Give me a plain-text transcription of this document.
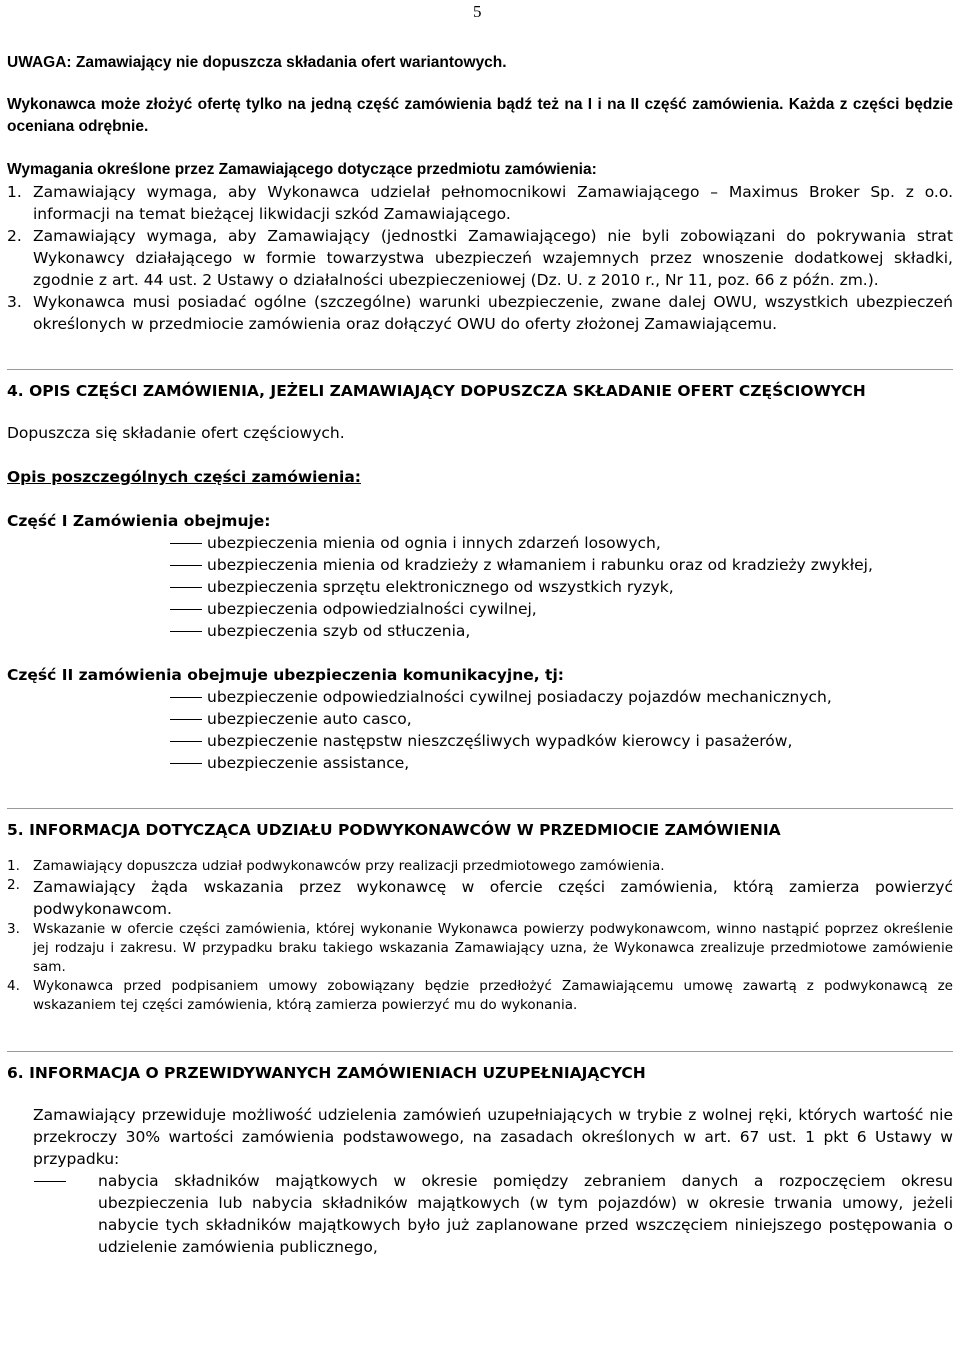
5

UWAGA: Zamawiający nie dopuszcza składania ofert wariantowych.

Wykonawca może złożyć ofertę tylko na jedną część zamówienia bądź też na I i na II część zamówienia. Każda z części będzie oceniana odrębnie.

Wymagania określone przez Zamawiającego dotyczące przedmiotu zamówienia:

1. Zamawiający wymaga, aby Wykonawca udzielał pełnomocnikowi Zamawiającego – Maximus Broker Sp. z o.o. informacji na temat bieżącej likwidacji szkód Zamawiającego.
2. Zamawiający wymaga, aby Zamawiający (jednostki Zamawiającego) nie byli zobowiązani do pokrywania strat Wykonawcy działającego w formie towarzystwa ubezpieczeń wzajemnych przez wnoszenie dodatkowej składki, zgodnie z art. 44 ust. 2 Ustawy o działalności ubezpieczeniowej (Dz. U. z 2010 r., Nr 11, poz. 66 z późn. zm.).
3. Wykonawca musi posiadać ogólne (szczególne) warunki ubezpieczenie, zwane dalej OWU, wszystkich ubezpieczeń określonych w przedmiocie zamówienia oraz dołączyć OWU do oferty złożonej Zamawiającemu.
4. OPIS CZĘŚCI ZAMÓWIENIA, JEŻELI ZAMAWIAJĄCY DOPUSZCZA SKŁADANIE OFERT CZĘŚCIOWYCH

Dopuszcza się składanie ofert częściowych.

Opis poszczególnych części zamówienia:

Część I Zamówienia obejmuje:

ubezpieczenia mienia od ognia i innych zdarzeń losowych,
ubezpieczenia mienia od kradzieży z włamaniem i rabunku oraz od kradzieży zwykłej,
ubezpieczenia sprzętu elektronicznego od wszystkich ryzyk,
ubezpieczenia odpowiedzialności cywilnej,
ubezpieczenia szyb od stłuczenia,

Część II zamówienia obejmuje ubezpieczenia komunikacyjne, tj:

ubezpieczenie odpowiedzialności cywilnej posiadaczy pojazdów mechanicznych,
ubezpieczenie auto casco,
ubezpieczenie następstw nieszczęśliwych wypadków kierowcy i pasażerów,
ubezpieczenie assistance,
5. INFORMACJA DOTYCZĄCA UDZIAŁU PODWYKONAWCÓW W PRZEDMIOCIE ZAMÓWIENIA
1. Zamawiający dopuszcza udział podwykonawców przy realizacji przedmiotowego zamówienia.
2. Zamawiający żąda wskazania przez wykonawcę w ofercie części zamówienia, którą zamierza powierzyć podwykonawcom.
3. Wskazanie w ofercie części zamówienia, której wykonanie Wykonawca powierzy podwykonawcom, winno nastąpić poprzez określenie jej rodzaju i zakresu. W przypadku braku takiego wskazania Zamawiający uzna, że Wykonawca zrealizuje przedmiotowe zamówienie sam.
4. Wykonawca przed podpisaniem umowy zobowiązany będzie przedłożyć Zamawiającemu umowę zawartą z podwykonawcą ze wskazaniem tej części zamówienia, którą zamierza powierzyć mu do wykonania.
6. INFORMACJA O PRZEWIDYWANYCH ZAMÓWIENIACH UZUPEŁNIAJĄCYCH

Zamawiający przewiduje możliwość udzielenia zamówień uzupełniających w trybie z wolnej ręki, których wartość nie przekroczy 30% wartości zamówienia podstawowego, na zasadach określonych w art. 67 ust. 1 pkt 6 Ustawy w przypadku:

nabycia składników majątkowych w okresie pomiędzy zebraniem danych a rozpoczęciem okresu ubezpieczenia lub nabycia składników majątkowych (w tym pojazdów) w okresie trwania umowy, jeżeli nabycie tych składników majątkowych było już zaplanowane przed wszczęciem niniejszego postępowania o udzielenie zamówienia publicznego,
